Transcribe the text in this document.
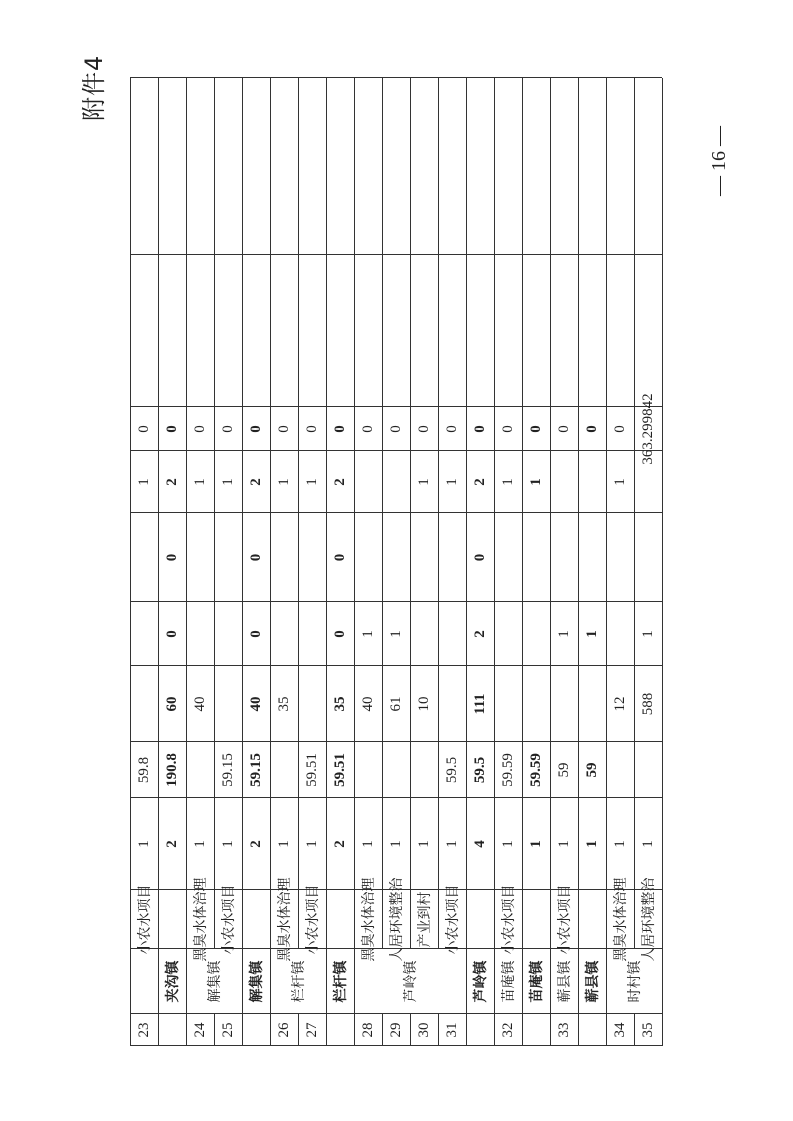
附件4
23
小农水项目
1
59.8
1
0
夹沟镇
2
190.8
60
0
0
2
0
24
解集镇
黑臭水体治理
1
40
1
0
25
小农水项目
1
59.15
1
0
解集镇
2
59.15
40
0
0
2
0
26
栏杆镇
黑臭水体治理
1
35
1
0
27
小农水项目
1
59.51
1
0
栏杆镇
2
59.51
35
0
0
2
0
28
芦岭镇
黑臭水体治理
1
40
1
0
29
人居环境整治
1
61
1
0
30
产业到村
1
10
1
0
31
小农水项目
1
59.5
1
0
芦岭镇
4
59.5
111
2
0
2
0
32
苗庵镇
小农水项目
1
59.59
1
0
苗庵镇
1
59.59
1
0
33
蕲县镇
小农水项目
1
59
1
0
蕲县镇
1
59
1
0
34
时村镇
黑臭水体治理
1
12
1
0
35
人居环境整治
1
588
1
363.299842
— 16 —
